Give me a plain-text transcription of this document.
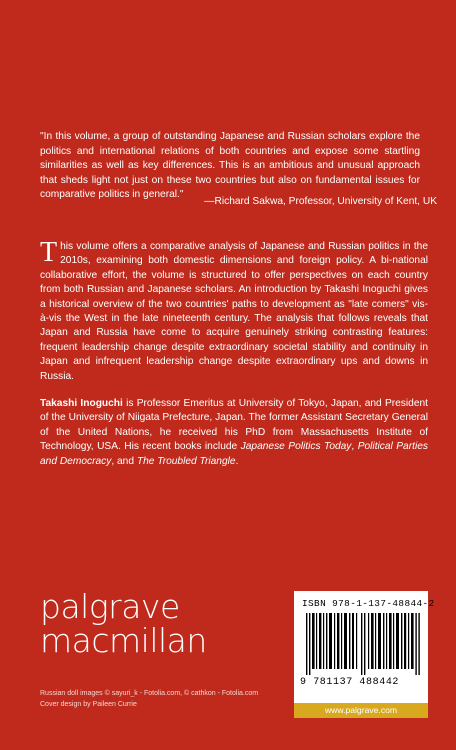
"In this volume, a group of outstanding Japanese and Russian scholars explore the politics and international relations of both countries and expose some startling similarities as well as key differences. This is an ambitious and unusual approach that sheds light not just on these two countries but also on fundamental issues for comparative politics in general."

—Richard Sakwa, Professor, University of Kent, UK
This volume offers a comparative analysis of Japanese and Russian politics in the 2010s, examining both domestic dimensions and foreign policy. A bi-national collaborative effort, the volume is structured to offer perspectives on each country from both Russian and Japanese scholars. An introduction by Takashi Inoguchi gives a historical overview of the two countries' paths to development as "late comers" vis-à-vis the West in the late nineteenth century. The analysis that follows reveals that Japan and Russia have come to acquire genuinely striking contrasting features: frequent leadership change despite extraordinary societal stability and continuity in Japan and infrequent leadership change despite extraordinary ups and downs in Russia.
Takashi Inoguchi is Professor Emeritus at University of Tokyo, Japan, and President of the University of Niigata Prefecture, Japan. The former Assistant Secretary General of the United Nations, he received his PhD from Massachusetts Institute of Technology, USA. His recent books include Japanese Politics Today, Political Parties and Democracy, and The Troubled Triangle.
palgrave
macmillan
Russian doll images © sayuri_k - Fotolia.com, © cathkon - Fotolia.com
Cover design by Paileen Currie
ISBN 978-1-137-48844-2
9 781137 488442
www.palgrave.com
